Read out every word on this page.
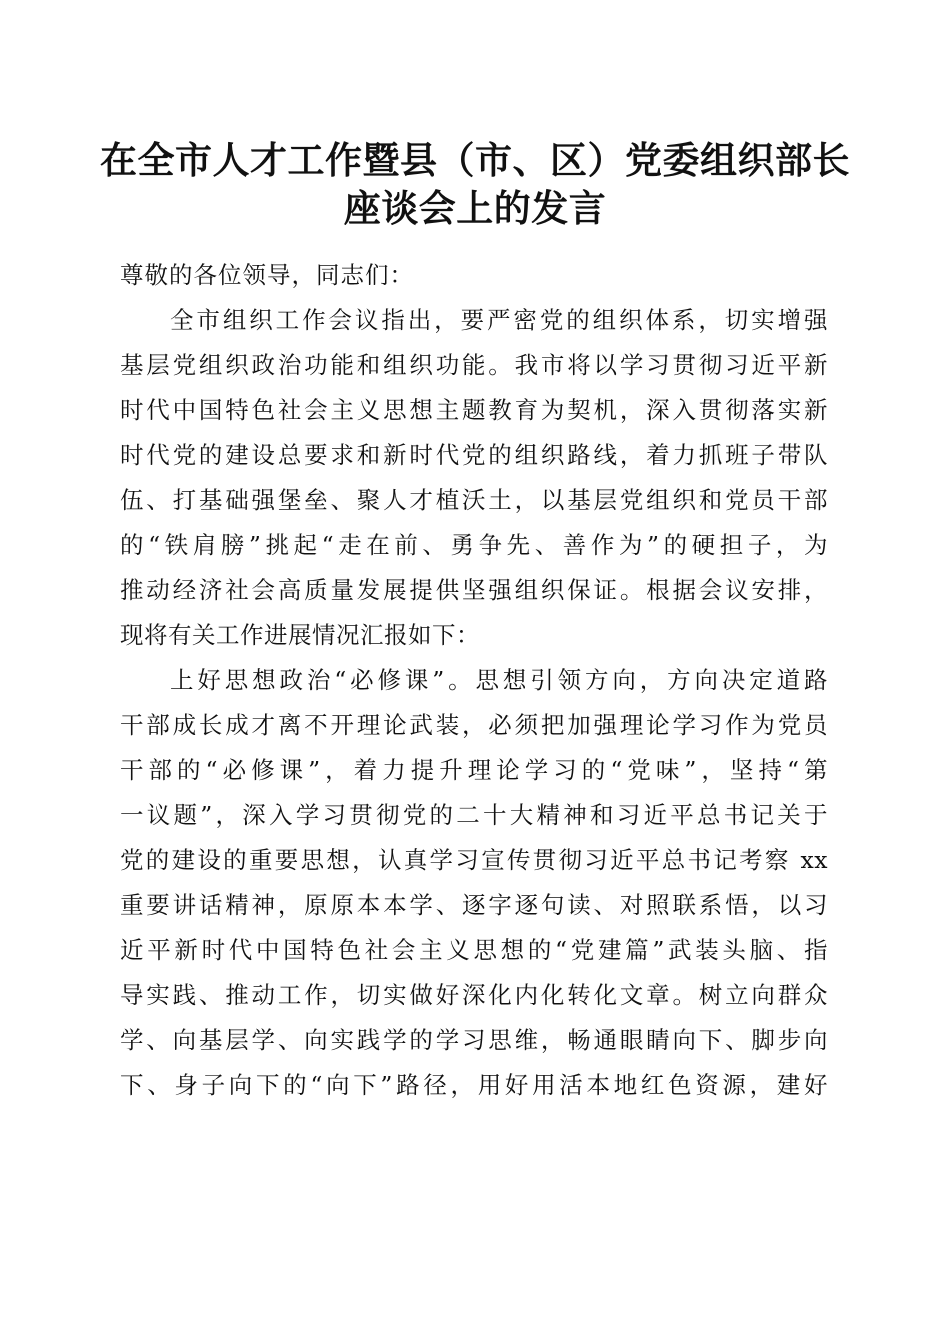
在全市人才工作暨县（市、区）党委组织部长
座谈会上的发言

尊敬的各位领导，同志们：

全市组织工作会议指出，要严密党的组织体系，切实增强
基层党组织政治功能和组织功能。我市将以学习贯彻习近平新
时代中国特色社会主义思想主题教育为契机，深入贯彻落实新
时代党的建设总要求和新时代党的组织路线，着力抓班子带队
伍、打基础强堡垒、聚人才植沃土，以基层党组织和党员干部
的“铁肩膀”挑起“走在前、勇争先、善作为”的硬担子，为
推动经济社会高质量发展提供坚强组织保证。根据会议安排，
现将有关工作进展情况汇报如下：
上好思想政治“必修课”。思想引领方向，方向决定道路
干部成长成才离不开理论武装，必须把加强理论学习作为党员
干部的“必修课”，着力提升理论学习的“党味”，坚持“第
一议题”，深入学习贯彻党的二十大精神和习近平总书记关于
党的建设的重要思想，认真学习宣传贯彻习近平总书记考察 xx
重要讲话精神，原原本本学、逐字逐句读、对照联系悟，以习
近平新时代中国特色社会主义思想的“党建篇”武装头脑、指
导实践、推动工作，切实做好深化内化转化文章。树立向群众
学、向基层学、向实践学的学习思维，畅通眼睛向下、脚步向
下、身子向下的“向下”路径，用好用活本地红色资源，建好
